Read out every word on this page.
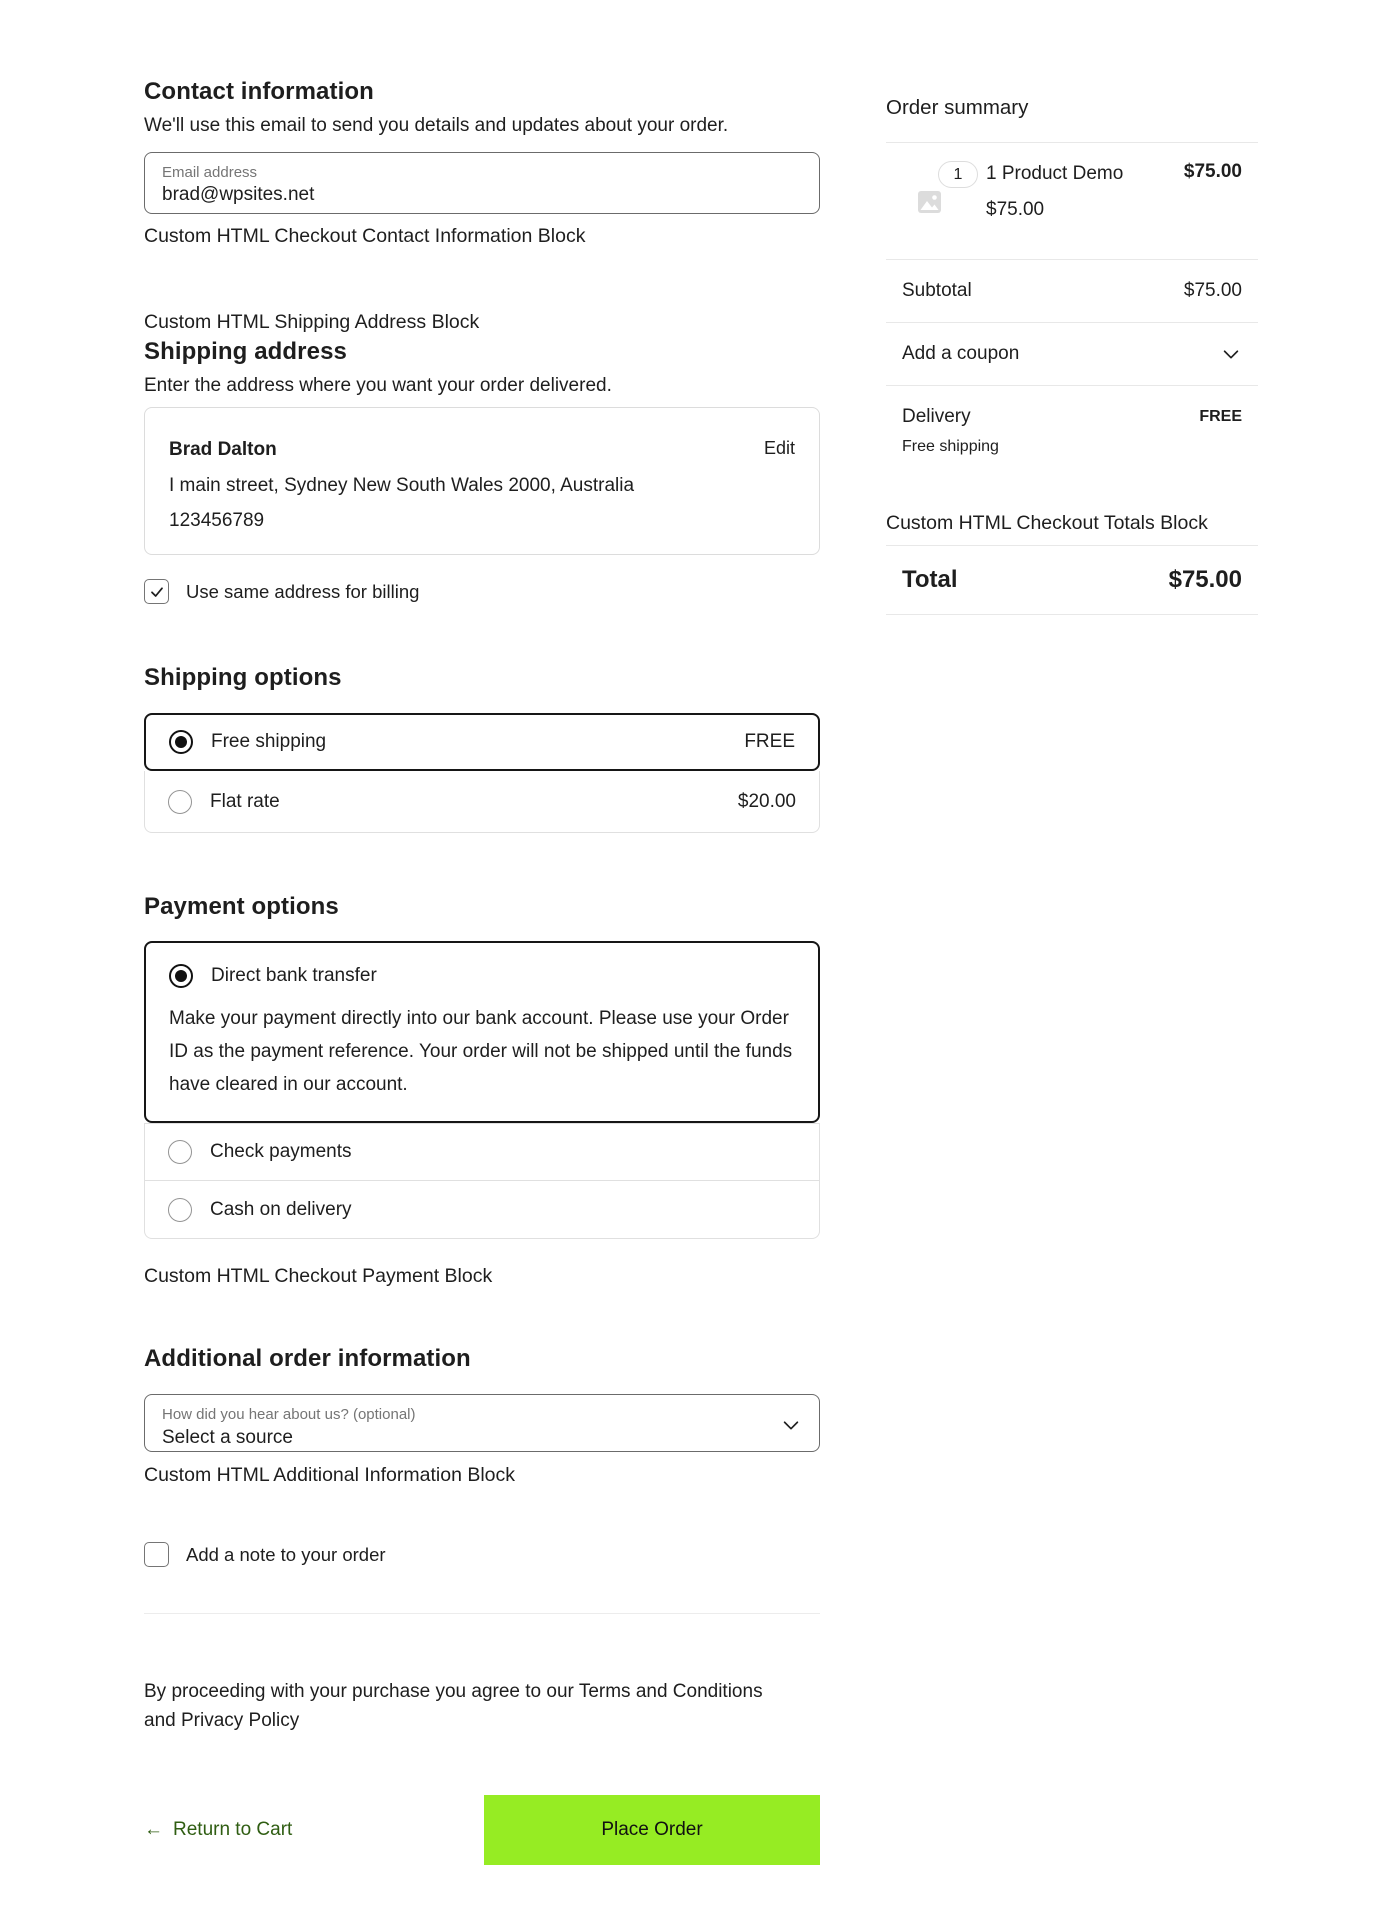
Contact information

We'll use this email to send you details and updates about your order.

Email address
brad@wpsites.net

Custom HTML Checkout Contact Information Block

Custom HTML Shipping Address Block

Shipping address

Enter the address where you want your order delivered.

Brad Dalton
I main street, Sydney New South Wales 2000, Australia
123456789
Edit
Use same address for billing
Shipping options
Free shipping	FREE
Flat rate	$20.00
Payment options
Direct bank transfer

Make your payment directly into our bank account. Please use your Order ID as the payment reference. Your order will not be shipped until the funds have cleared in our account.

Check payments
Cash on delivery

Custom HTML Checkout Payment Block

Additional order information
How did you hear about us? (optional)
Select a source

Custom HTML Additional Information Block

Add a note to your order

By proceeding with your purchase you agree to our Terms and Conditions and Privacy Policy

← Return to Cart	Place Order
Order summary
1	1 Product Demo
$75.00
$75.00
Subtotal	$75.00
Add a coupon
Delivery	FREE
Free shipping

Custom HTML Checkout Totals Block

Total	$75.00
